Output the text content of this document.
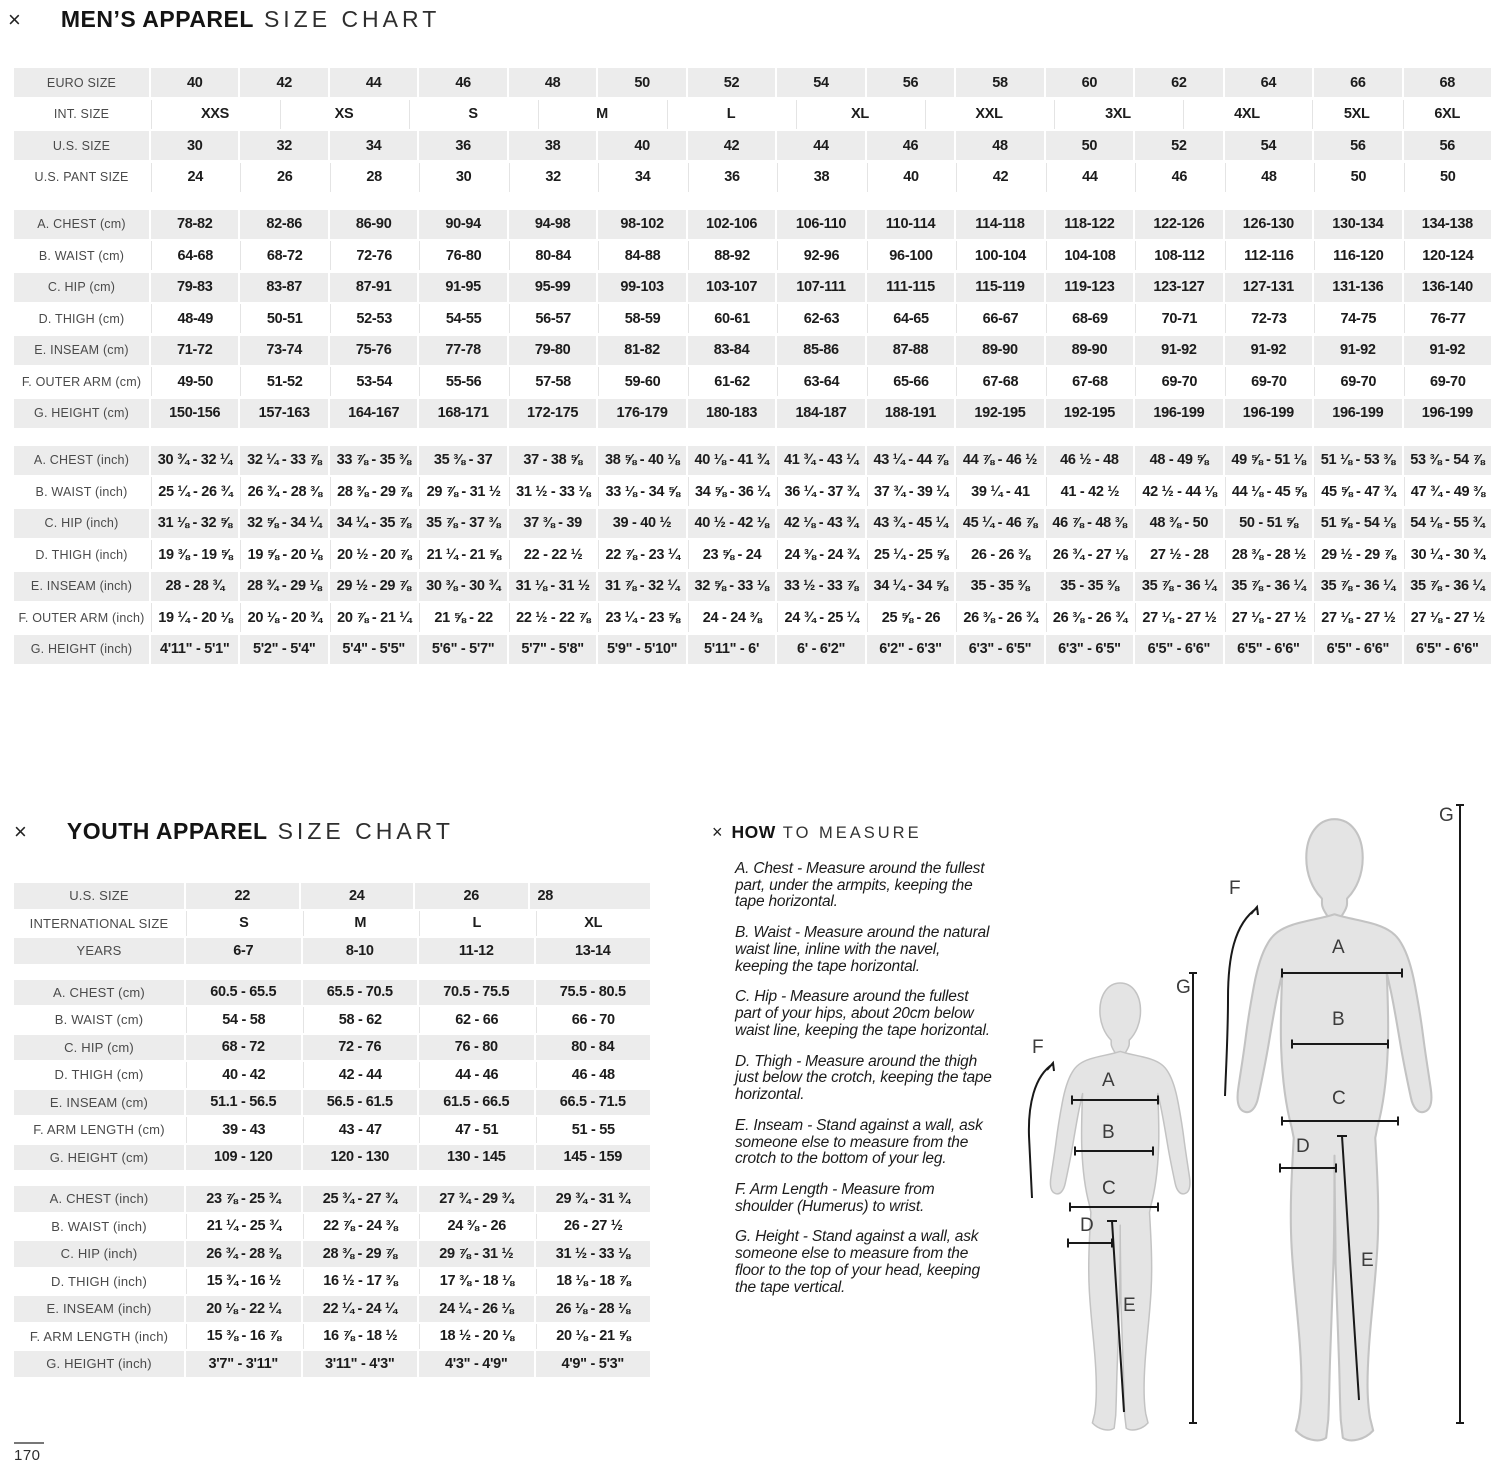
× MEN’S APPAREL SIZE CHART
EURO SIZE	40	42	44	46	48	50	52	54	56	58	60	62	64	66	68
INT. SIZE	XXS	XS	S	M	L	XL	XXL	3XL	4XL	5XL	6XL
U.S. SIZE	30	32	34	36	38	40	42	44	46	48	50	52	54	56	56
U.S. PANT SIZE	24	26	28	30	32	34	36	38	40	42	44	46	48	50	50
A. CHEST (cm)	78-82	82-86	86-90	90-94	94-98	98-102	102-106	106-110	110-114	114-118	118-122	122-126	126-130	130-134	134-138
B. WAIST (cm)	64-68	68-72	72-76	76-80	80-84	84-88	88-92	92-96	96-100	100-104	104-108	108-112	112-116	116-120	120-124
C. HIP (cm)	79-83	83-87	87-91	91-95	95-99	99-103	103-107	107-111	111-115	115-119	119-123	123-127	127-131	131-136	136-140
D. THIGH (cm)	48-49	50-51	52-53	54-55	56-57	58-59	60-61	62-63	64-65	66-67	68-69	70-71	72-73	74-75	76-77
E. INSEAM (cm)	71-72	73-74	75-76	77-78	79-80	81-82	83-84	85-86	87-88	89-90	89-90	91-92	91-92	91-92	91-92
F. OUTER ARM (cm)	49-50	51-52	53-54	55-56	57-58	59-60	61-62	63-64	65-66	67-68	67-68	69-70	69-70	69-70	69-70
G. HEIGHT (cm)	150-156	157-163	164-167	168-171	172-175	176-179	180-183	184-187	188-191	192-195	192-195	196-199	196-199	196-199	196-199
A. CHEST (inch)	30 ¾ - 32 ¼	32 ¼ - 33 ⅞	33 ⅞ - 35 ⅜	35 ⅜ - 37	37 - 38 ⅝	38 ⅝ - 40 ⅛	40 ⅛ - 41 ¾	41 ¾ - 43 ¼	43 ¼ - 44 ⅞	44 ⅞ - 46 ½	46 ½ - 48	48 - 49 ⅝	49 ⅝ - 51 ⅛	51 ⅛ - 53 ⅜	53 ⅜ - 54 ⅞
B. WAIST (inch)	25 ¼ - 26 ¾	26 ¾ - 28 ⅜	28 ⅜ - 29 ⅞	29 ⅞ - 31 ½	31 ½ - 33 ⅛	33 ⅛ - 34 ⅝	34 ⅝ - 36 ¼	36 ¼ - 37 ¾	37 ¾ - 39 ¼	39 ¼ - 41	41 - 42 ½	42 ½ - 44 ⅛	44 ⅛ - 45 ⅝	45 ⅝ - 47 ¾	47 ¾ - 49 ⅜
C. HIP (inch)	31 ⅛ - 32 ⅝	32 ⅝ - 34 ¼	34 ¼ - 35 ⅞	35 ⅞ - 37 ⅜	37 ⅜ - 39	39 - 40 ½	40 ½ - 42 ⅛	42 ⅛ - 43 ¾	43 ¾ - 45 ¼	45 ¼ - 46 ⅞	46 ⅞ - 48 ⅜	48 ⅜ - 50	50 - 51 ⅝	51 ⅝ - 54 ⅛	54 ⅛ - 55 ¾
D. THIGH (inch)	19 ⅜ - 19 ⅝	19 ⅝ - 20 ⅛	20 ½ - 20 ⅞	21 ¼ - 21 ⅝	22 - 22 ½	22 ⅞ - 23 ¼	23 ⅝ - 24	24 ⅜ - 24 ¾	25 ¼ - 25 ⅝	26 - 26 ⅜	26 ¾ - 27 ⅛	27 ½ - 28	28 ⅜ - 28 ½	29 ½ - 29 ⅞	30 ¼ - 30 ¾
E. INSEAM (inch)	28 - 28 ¾	28 ¾ - 29 ⅛	29 ½ - 29 ⅞	30 ⅜ - 30 ¾	31 ⅛ - 31 ½	31 ⅞ - 32 ¼	32 ⅝ - 33 ⅛	33 ½ - 33 ⅞	34 ¼ - 34 ⅝	35 - 35 ⅜	35 - 35 ⅜	35 ⅞ - 36 ¼	35 ⅞ - 36 ¼	35 ⅞ - 36 ¼	35 ⅞ - 36 ¼
F. OUTER ARM (inch) 19 ¼ - 20 ⅛	20 ⅛ - 20 ¾	20 ⅞ - 21 ¼	21 ⅝ - 22	22 ½ - 22 ⅞	23 ¼ - 23 ⅝	24 - 24 ⅜	24 ¾ - 25 ¼	25 ⅝ - 26	26 ⅜ - 26 ¾	26 ⅜ - 26 ¾	27 ⅛ - 27 ½	27 ⅛ - 27 ½	27 ⅛ - 27 ½	27 ⅛ - 27 ½
G. HEIGHT (inch)	4'11" - 5'1"	5'2" - 5'4"	5'4" - 5'5"	5'6" - 5'7"	5'7" - 5'8"	5'9" - 5'10"	5'11" - 6'	6' - 6'2"	6'2" - 6'3"	6'3" - 6'5"	6'3" - 6'5"	6'5" - 6'6"	6'5" - 6'6"	6'5" - 6'6"	6'5" - 6'6"
× YOUTH APPAREL SIZE CHART
U.S. SIZE	22	24	26	28
INTERNATIONAL SIZE	S	M	L	XL
YEARS	6-7	8-10	11-12	13-14
A. CHEST (cm)	60.5 - 65.5	65.5 - 70.5	70.5 - 75.5	75.5 - 80.5
B. WAIST (cm)	54 - 58	58 - 62	62 - 66	66 - 70
C. HIP (cm)	68 - 72	72 - 76	76 - 80	80 - 84
D. THIGH (cm)	40 - 42	42 - 44	44 - 46	46 - 48
E. INSEAM (cm)	51.1 - 56.5	56.5 - 61.5	61.5 - 66.5	66.5 - 71.5
F. ARM LENGTH (cm)	39 - 43	43 - 47	47 - 51	51 - 55
G. HEIGHT (cm)	109 - 120	120 - 130	130 - 145	145 - 159
A. CHEST (inch)	23 ⅞ - 25 ¾	25 ¾ - 27 ¾	27 ¾ - 29 ¾	29 ¾ - 31 ¾
B. WAIST (inch)	21 ¼ - 25 ¾	22 ⅞ - 24 ⅜	24 ⅜ - 26	26 - 27 ½
C. HIP (inch)	26 ¾ - 28 ⅜	28 ⅜ - 29 ⅞	29 ⅞ - 31 ½	31 ½ - 33 ⅛
D. THIGH (inch)	15 ¾ - 16 ½	16 ½ - 17 ⅜	17 ⅜ - 18 ⅛	18 ⅛ - 18 ⅞
E. INSEAM (inch)	20 ⅛ - 22 ¼	22 ¼ - 24 ¼	24 ¼ - 26 ⅛	26 ⅛ - 28 ⅛
F. ARM LENGTH (inch)	15 ⅜ - 16 ⅞	16 ⅞ - 18 ½	18 ½ - 20 ⅛	20 ⅛ - 21 ⅝
G. HEIGHT (inch)	3'7" - 3'11"	3'11" - 4'3"	4'3" - 4'9"	4'9" - 5'3"
× HOW TO MEASURE
A. Chest - Measure around the fullest part, under the armpits, keeping the tape horizontal.
B. Waist - Measure around the natural waist line, inline with the navel, keeping the tape horizontal.
C. Hip - Measure around the fullest part of your hips, about 20cm below waist line, keeping the tape horizontal.
D. Thigh - Measure around the thigh just below the crotch, keeping the tape horizontal.
E. Inseam - Stand against a wall, ask someone else to measure from the crotch to the bottom of your leg.
F. Arm Length - Measure from shoulder (Humerus) to wrist.
G. Height - Stand against a wall, ask someone else to measure from the floor to the top of your head, keeping the tape vertical.
A
B
C
D
E
F
G
A
B
C
D
E
F
G
170
